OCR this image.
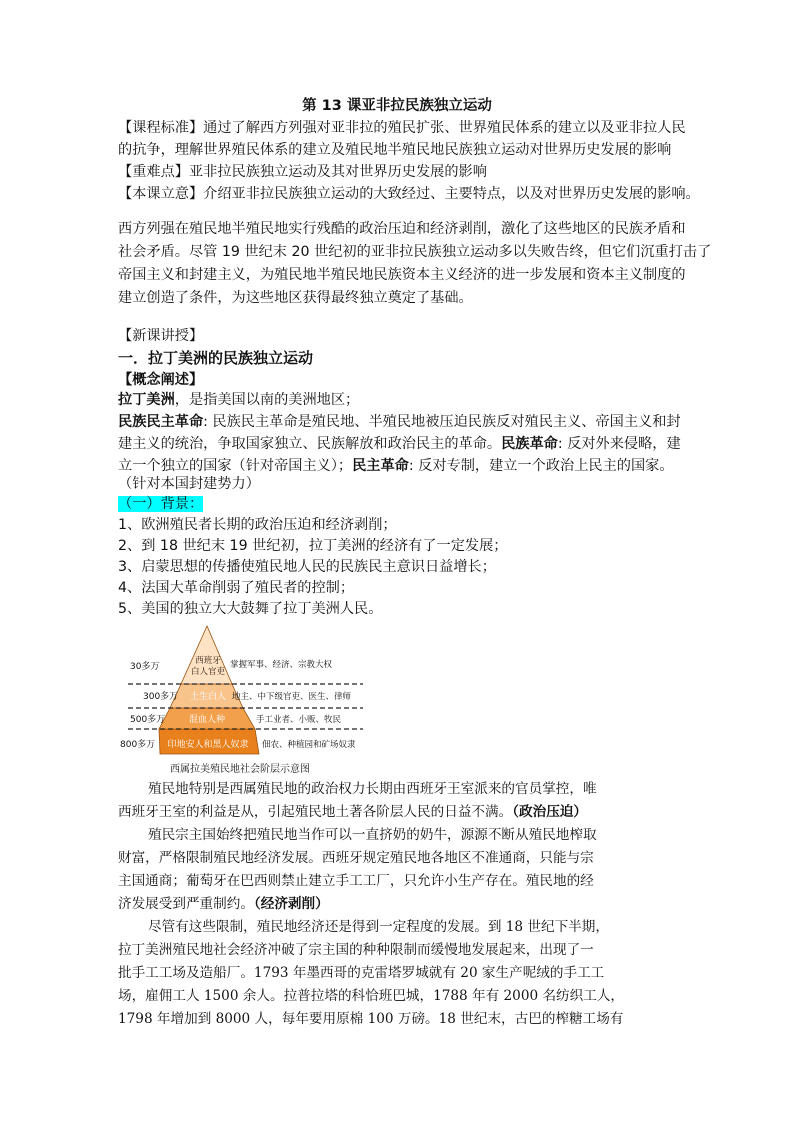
第 13 课亚非拉民族独立运动
【课程标准】通过了解西方列强对亚非拉的殖民扩张、世界殖民体系的建立以及亚非拉人民
的抗争，理解世界殖民体系的建立及殖民地半殖民地民族独立运动对世界历史发展的影响
【重难点】亚非拉民族独立运动及其对世界历史发展的影响
【本课立意】介绍亚非拉民族独立运动的大致经过、主要特点，以及对世界历史发展的影响。
西方列强在殖民地半殖民地实行残酷的政治压迫和经济剥削，激化了这些地区的民族矛盾和
社会矛盾。尽管 19 世纪末 20 世纪初的亚非拉民族独立运动多以失败告终，但它们沉重打击了
帝国主义和封建主义，为殖民地半殖民地民族资本主义经济的进一步发展和资本主义制度的
建立创造了条件，为这些地区获得最终独立奠定了基础。
【新课讲授】
一．拉丁美洲的民族独立运动
【概念阐述】
拉丁美洲，是指美国以南的美洲地区；
民族民主革命: 民族民主革命是殖民地、半殖民地被压迫民族反对殖民主义、帝国主义和封
建主义的统治，争取国家独立、民族解放和政治民主的革命。民族革命: 反对外来侵略，建
立一个独立的国家（针对帝国主义）；民主革命: 反对专制，建立一个政治上民主的国家。
（针对本国封建势力）
（一）背景：
1、欧洲殖民者长期的政治压迫和经济剥削；
2、到 18 世纪末 19 世纪初，拉丁美洲的经济有了一定发展；
3、启蒙思想的传播使殖民地人民的民族民主意识日益增长；
4、法国大革命削弱了殖民者的控制；
5、美国的独立大大鼓舞了拉丁美洲人民。
30多万
300多万
500多万
800多万
西班牙
白人官吏
土生白人
混血人种
印地安人和黑人奴隶
掌握军事、经济、宗教大权
地主、中下级官吏、医生、律师
手工业者、小贩、牧民
佃农、种植园和矿场奴隶
西属拉美殖民地社会阶层示意图
殖民地特别是西属殖民地的政治权力长期由西班牙王室派来的官员掌控，唯
西班牙王室的利益是从，引起殖民地土著各阶层人民的日益不满。（政治压迫）
殖民宗主国始终把殖民地当作可以一直挤奶的奶牛，源源不断从殖民地榨取
财富，严格限制殖民地经济发展。西班牙规定殖民地各地区不准通商，只能与宗
主国通商；葡萄牙在巴西则禁止建立手工工厂，只允许小生产存在。殖民地的经
济发展受到严重制约。（经济剥削）
尽管有这些限制，殖民地经济还是得到一定程度的发展。到 18 世纪下半期，
拉丁美洲殖民地社会经济冲破了宗主国的种种限制而缓慢地发展起来，出现了一
批手工工场及造船厂。1793 年墨西哥的克雷塔罗城就有 20 家生产呢绒的手工工
场，雇佣工人 1500 余人。拉普拉塔的科恰班巴城，1788 年有 2000 名纺织工人，
1798 年增加到 8000 人，每年要用原棉 100 万磅。18 世纪末，古巴的榨糖工场有
